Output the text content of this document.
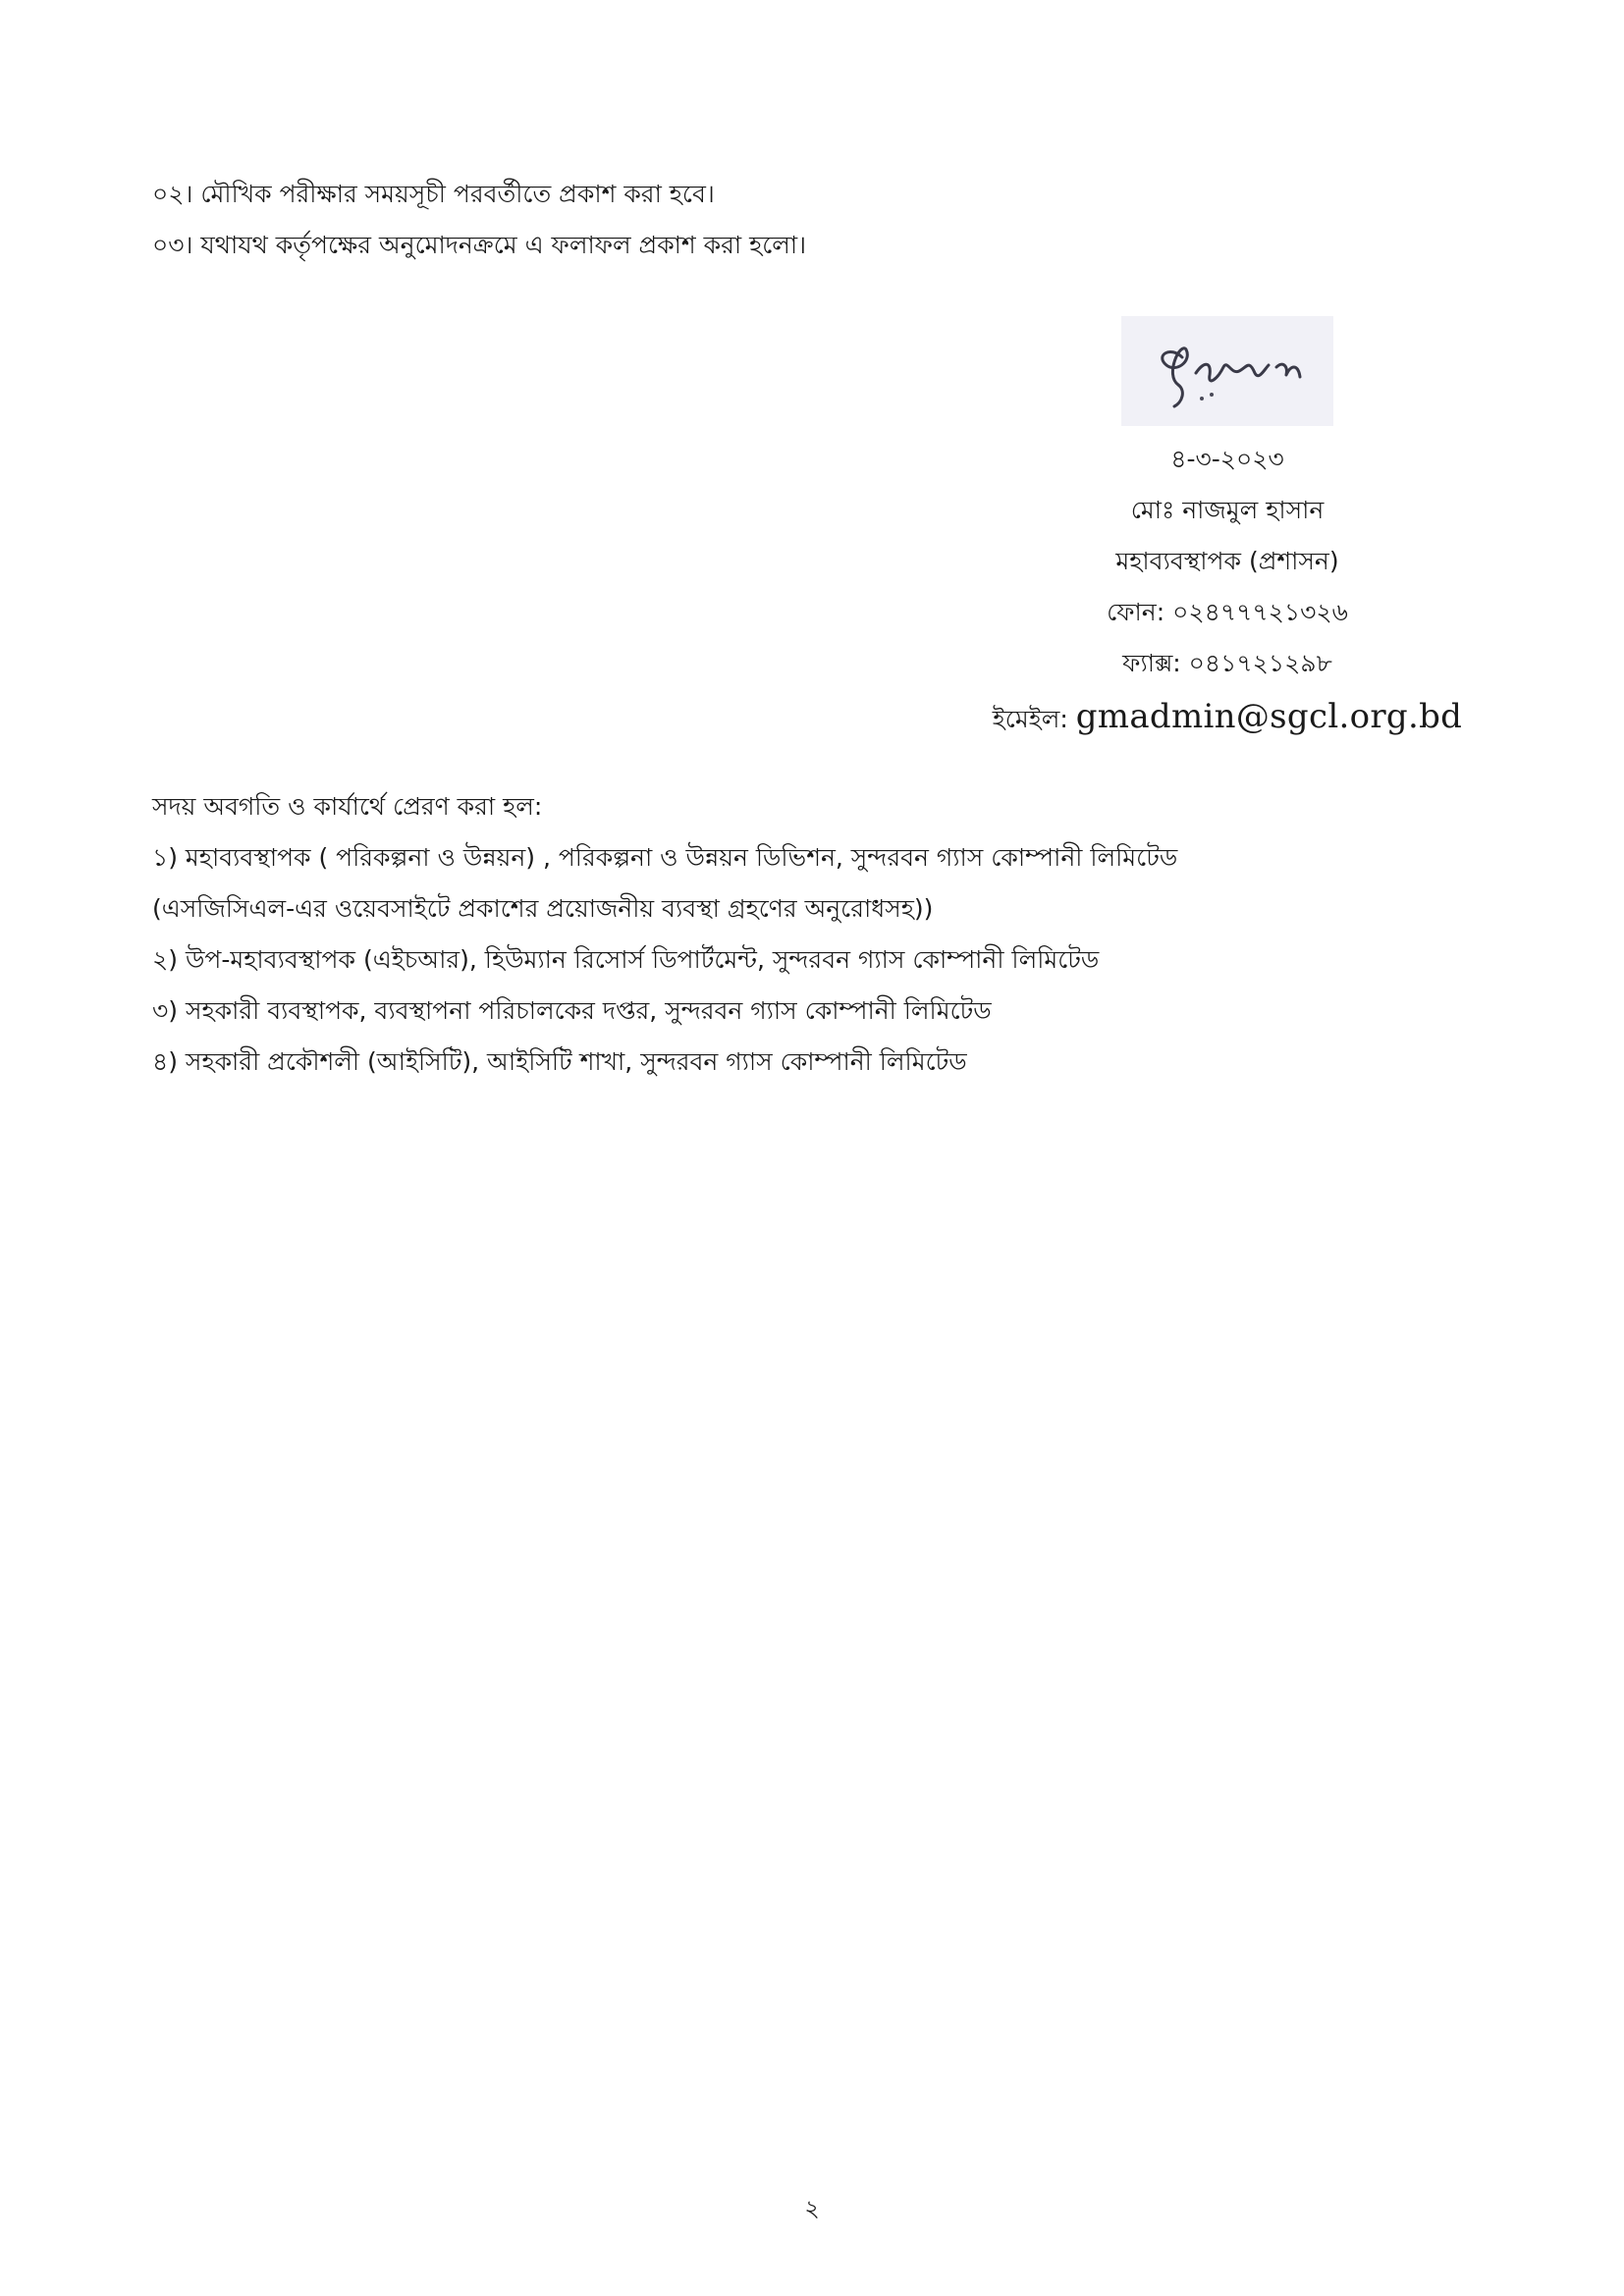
০২। মৌখিক পরীক্ষার সময়সূচী পরবর্তীতে প্রকাশ করা হবে।
০৩। যথাযথ কর্তৃপক্ষের অনুমোদনক্রমে এ ফলাফল প্রকাশ করা হলো।
৪-৩-২০২৩
মোঃ নাজমুল হাসান
মহাব্যবস্থাপক (প্রশাসন)
ফোন: ০২৪৭৭৭২১৩২৬
ফ্যাক্স: ০৪১৭২১২৯৮
ইমেইল: gmadmin@sgcl.org.bd
সদয় অবগতি ও কার্যার্থে প্রেরণ করা হল:
১) মহাব্যবস্থাপক ( পরিকল্পনা ও উন্নয়ন) , পরিকল্পনা ও উন্নয়ন ডিভিশন, সুন্দরবন গ্যাস কোম্পানী লিমিটেড
(এসজিসিএল-এর ওয়েবসাইটে প্রকাশের প্রয়োজনীয় ব্যবস্থা গ্রহণের অনুরোধসহ))
২) উপ-মহাব্যবস্থাপক (এইচআর), হিউম্যান রিসোর্স ডিপার্টমেন্ট, সুন্দরবন গ্যাস কোম্পানী লিমিটেড
৩) সহকারী ব্যবস্থাপক, ব্যবস্থাপনা পরিচালকের দপ্তর, সুন্দরবন গ্যাস কোম্পানী লিমিটেড
৪) সহকারী প্রকৌশলী (আইসিটি), আইসিটি শাখা, সুন্দরবন গ্যাস কোম্পানী লিমিটেড
২
